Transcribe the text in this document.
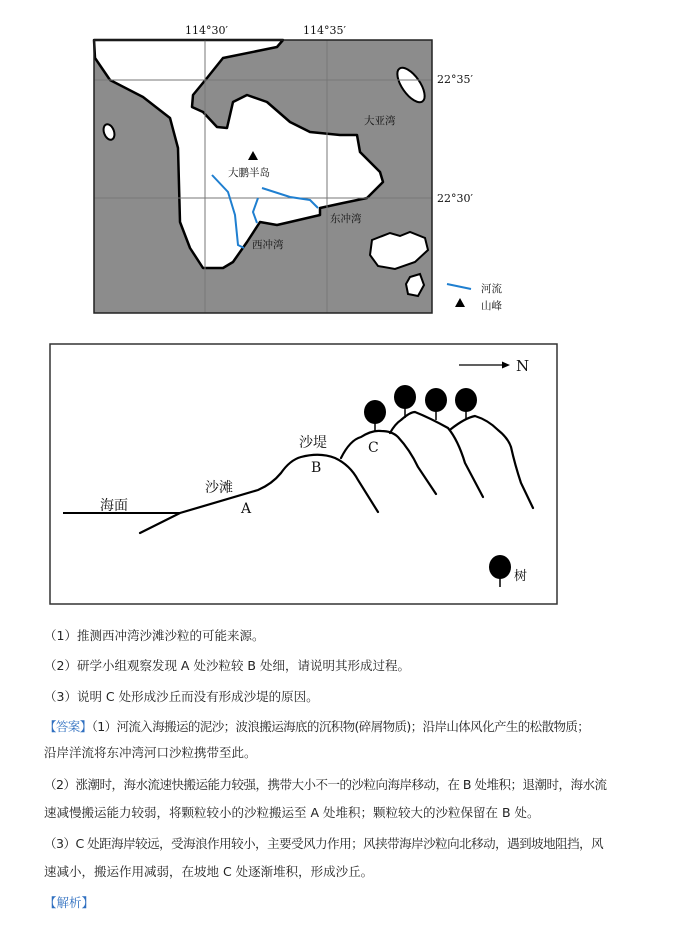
114°30′	114°35′
22°35′
22°30′
大鹏半岛
大亚湾
东冲湾
西冲湾
河流
山峰
海面
沙滩
A
沙堤
B
C
N
树
（1）推测西冲湾沙滩沙粒的可能来源。
（2）研学小组观察发现 A 处沙粒较 B 处细，请说明其形成过程。
（3）说明 C 处形成沙丘而没有形成沙堤的原因。
【答案】（1）河流入海搬运的泥沙；波浪搬运海底的沉积物(碎屑物质)；沿岸山体风化产生的松散物质；
沿岸洋流将东冲湾河口沙粒携带至此。
（2）涨潮时，海水流速快搬运能力较强，携带大小不一的沙粒向海岸移动，在 B 处堆积；退潮时，海水流
速减慢搬运能力较弱，将颗粒较小的沙粒搬运至 A 处堆积；颗粒较大的沙粒保留在 B 处。
（3）C 处距海岸较远，受海浪作用较小，主要受风力作用；风挟带海岸沙粒向北移动，遇到坡地阻挡，风
速减小，搬运作用减弱，在坡地 C 处逐渐堆积，形成沙丘。
【解析】
